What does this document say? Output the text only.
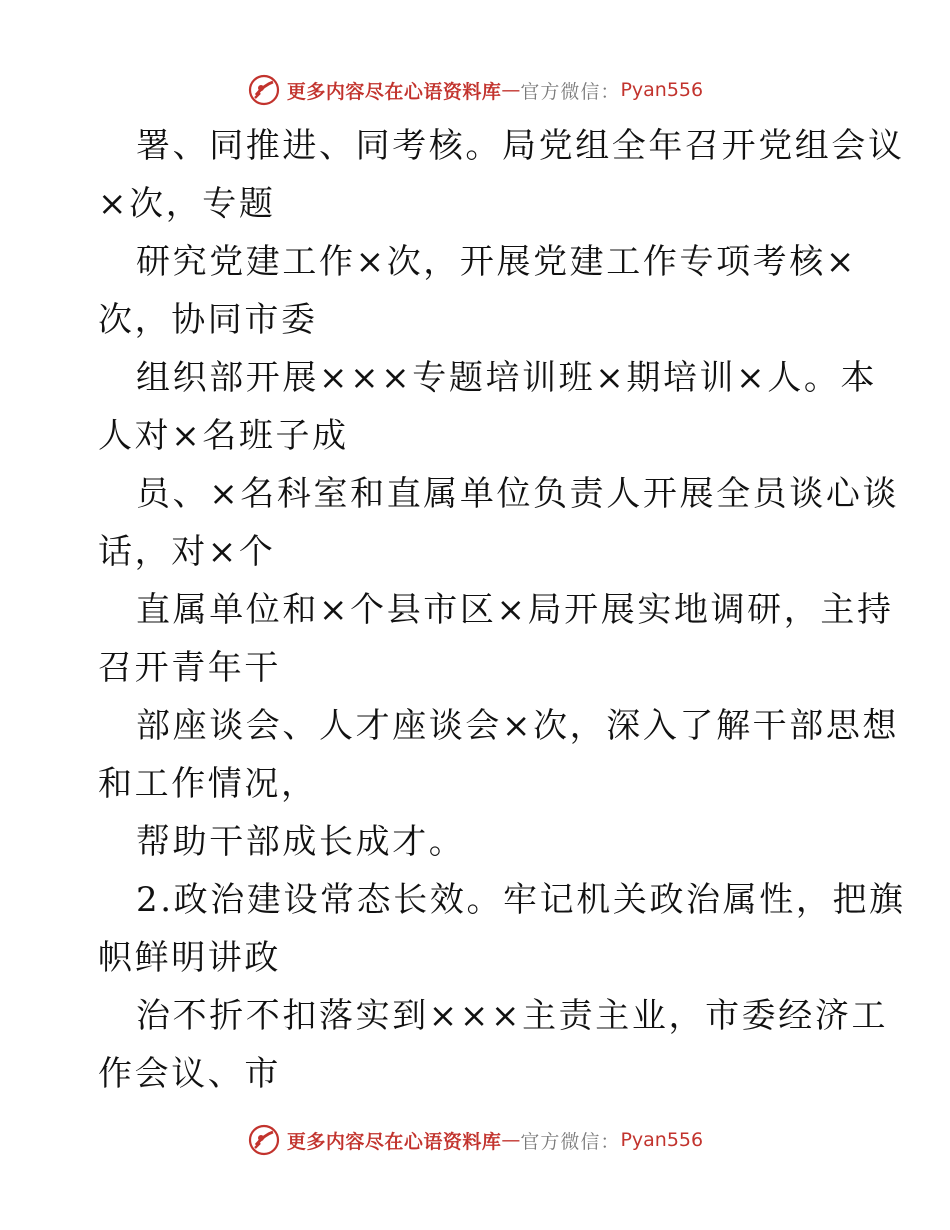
更多内容尽在心语资料库 — 官方微信： Pyan556
署、同推进、同考核。局党组全年召开党组会议
×次，专题
研究党建工作×次，开展党建工作专项考核×
次，协同市委
组织部开展×××专题培训班×期培训×人。本
人对×名班子成
员、×名科室和直属单位负责人开展全员谈心谈
话，对×个
直属单位和×个县市区×局开展实地调研，主持
召开青年干
部座谈会、人才座谈会×次，深入了解干部思想
和工作情况，
帮助干部成长成才。
2.政治建设常态长效。牢记机关政治属性，把旗
帜鲜明讲政
治不折不扣落实到×××主责主业，市委经济工
作会议、市
更多内容尽在心语资料库 — 官方微信： Pyan556
